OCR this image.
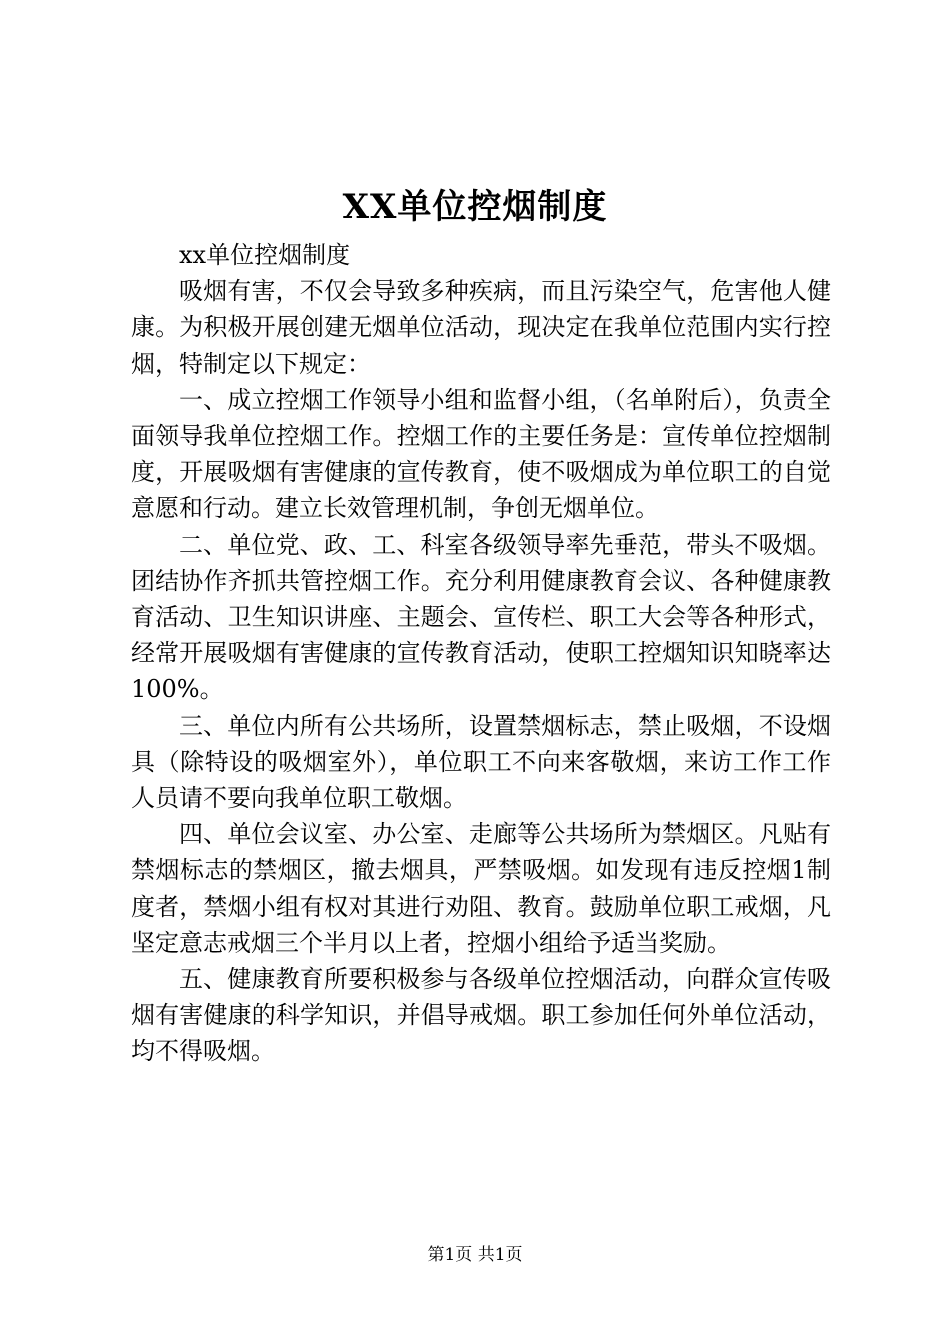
XX单位控烟制度

xx单位控烟制度

吸烟有害，不仅会导致多种疾病，而且污染空气，危害他人健康。为积极开展创建无烟单位活动，现决定在我单位范围内实行控烟，特制定以下规定：

一、成立控烟工作领导小组和监督小组，（名单附后），负责全面领导我单位控烟工作。控烟工作的主要任务是：宣传单位控烟制度，开展吸烟有害健康的宣传教育，使不吸烟成为单位职工的自觉意愿和行动。建立长效管理机制，争创无烟单位。

二、单位党、政、工、科室各级领导率先垂范，带头不吸烟。团结协作齐抓共管控烟工作。充分利用健康教育会议、各种健康教育活动、卫生知识讲座、主题会、宣传栏、职工大会等各种形式，经常开展吸烟有害健康的宣传教育活动，使职工控烟知识知晓率达100%。

三、单位内所有公共场所，设置禁烟标志，禁止吸烟，不设烟具（除特设的吸烟室外），单位职工不向来客敬烟，来访工作工作人员请不要向我单位职工敬烟。

四、单位会议室、办公室、走廊等公共场所为禁烟区。凡贴有禁烟标志的禁烟区，撤去烟具，严禁吸烟。如发现有违反控烟1制度者，禁烟小组有权对其进行劝阻、教育。鼓励单位职工戒烟，凡坚定意志戒烟三个半月以上者，控烟小组给予适当奖励。

五、健康教育所要积极参与各级单位控烟活动，向群众宣传吸烟有害健康的科学知识，并倡导戒烟。职工参加任何外单位活动，均不得吸烟。

第1页 共1页
